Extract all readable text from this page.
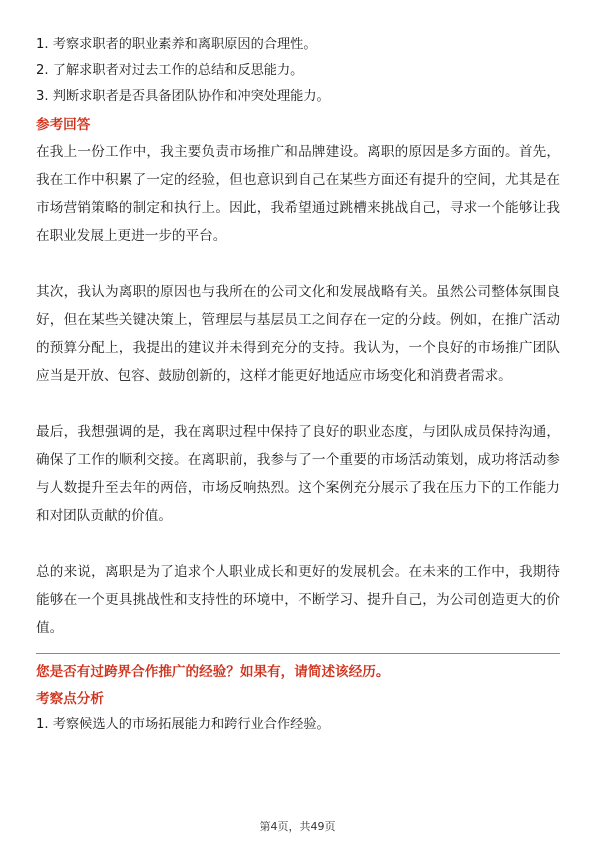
1. 考察求职者的职业素养和离职原因的合理性。
2. 了解求职者对过去工作的总结和反思能力。
3. 判断求职者是否具备团队协作和冲突处理能力。
参考回答

在我上一份工作中，我主要负责市场推广和品牌建设。离职的原因是多方面的。首先，我在工作中积累了一定的经验，但也意识到自己在某些方面还有提升的空间，尤其是在市场营销策略的制定和执行上。因此，我希望通过跳槽来挑战自己，寻求一个能够让我在职业发展上更进一步的平台。

其次，我认为离职的原因也与我所在的公司文化和发展战略有关。虽然公司整体氛围良好，但在某些关键决策上，管理层与基层员工之间存在一定的分歧。例如，在推广活动的预算分配上，我提出的建议并未得到充分的支持。我认为，一个良好的市场推广团队应当是开放、包容、鼓励创新的，这样才能更好地适应市场变化和消费者需求。

最后，我想强调的是，我在离职过程中保持了良好的职业态度，与团队成员保持沟通，确保了工作的顺利交接。在离职前，我参与了一个重要的市场活动策划，成功将活动参与人数提升至去年的两倍，市场反响热烈。这个案例充分展示了我在压力下的工作能力和对团队贡献的价值。

总的来说，离职是为了追求个人职业成长和更好的发展机会。在未来的工作中，我期待能够在一个更具挑战性和支持性的环境中，不断学习、提升自己，为公司创造更大的价值。

您是否有过跨界合作推广的经验？如果有，请简述该经历。
考察点分析
1. 考察候选人的市场拓展能力和跨行业合作经验。
第4页，共49页
